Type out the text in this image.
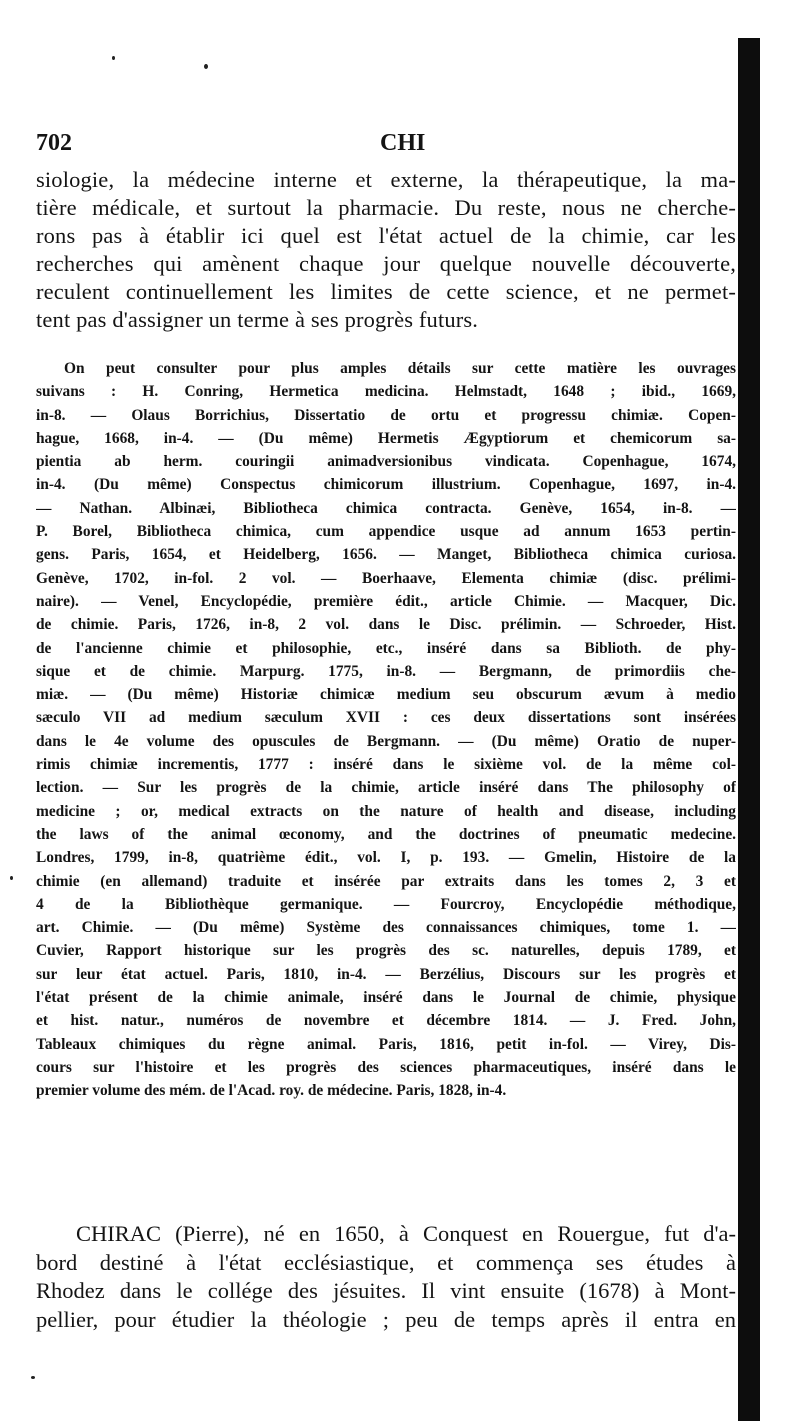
702	CHI
siologie, la médecine interne et externe, la thérapeutique, la ma-
tière médicale, et surtout la pharmacie. Du reste, nous ne cherche-
rons pas à établir ici quel est l'état actuel de la chimie, car les
recherches qui amènent chaque jour quelque nouvelle découverte,
reculent continuellement les limites de cette science, et ne permet-
tent pas d'assigner un terme à ses progrès futurs.
On peut consulter pour plus amples détails sur cette matière les ouvrages
suivans : H. Conring, Hermetica medicina. Helmstadt, 1648 ; ibid., 1669,
in-8. — Olaus Borrichius, Dissertatio de ortu et progressu chimiæ. Copen-
hague, 1668, in-4. — (Du même) Hermetis Ægyptiorum et chemicorum sa-
pientia ab herm. couringii animadversionibus vindicata. Copenhague, 1674,
in-4. (Du même) Conspectus chimicorum illustrium. Copenhague, 1697, in-4.
— Nathan. Albinæi, Bibliotheca chimica contracta. Genève, 1654, in-8. —
P. Borel, Bibliotheca chimica, cum appendice usque ad annum 1653 pertin-
gens. Paris, 1654, et Heidelberg, 1656. — Manget, Bibliotheca chimica curiosa.
Genève, 1702, in-fol. 2 vol. — Boerhaave, Elementa chimiæ (disc. prélimi-
naire). — Venel, Encyclopédie, première édit., article Chimie. — Macquer, Dic.
de chimie. Paris, 1726, in-8, 2 vol. dans le Disc. prélimin. — Schroeder, Hist.
de l'ancienne chimie et philosophie, etc., inséré dans sa Biblioth. de phy-
sique et de chimie. Marpurg. 1775, in-8. — Bergmann, de primordiis che-
miæ. — (Du même) Historiæ chimicæ medium seu obscurum ævum à medio
sæculo VII ad medium sæculum XVII : ces deux dissertations sont insérées
dans le 4e volume des opuscules de Bergmann. — (Du même) Oratio de nuper-
rimis chimiæ incrementis, 1777 : inséré dans le sixième vol. de la même col-
lection. — Sur les progrès de la chimie, article inséré dans The philosophy of
medicine ; or, medical extracts on the nature of health and disease, including
the laws of the animal œconomy, and the doctrines of pneumatic medecine.
Londres, 1799, in-8, quatrième édit., vol. I, p. 193. — Gmelin, Histoire de la
chimie (en allemand) traduite et insérée par extraits dans les tomes 2, 3 et
4 de la Bibliothèque germanique. — Fourcroy, Encyclopédie méthodique,
art. Chimie. — (Du même) Système des connaissances chimiques, tome 1. —
Cuvier, Rapport historique sur les progrès des sc. naturelles, depuis 1789, et
sur leur état actuel. Paris, 1810, in-4. — Berzélius, Discours sur les progrès et
l'état présent de la chimie animale, inséré dans le Journal de chimie, physique
et hist. natur., numéros de novembre et décembre 1814. — J. Fred. John,
Tableaux chimiques du règne animal. Paris, 1816, petit in-fol. — Virey, Dis-
cours sur l'histoire et les progrès des sciences pharmaceutiques, inséré dans le
premier volume des mém. de l'Acad. roy. de médecine. Paris, 1828, in-4.
CHIRAC (Pierre), né en 1650, à Conquest en Rouergue, fut d'a-
bord destiné à l'état ecclésiastique, et commença ses études à
Rhodez dans le collége des jésuites. Il vint ensuite (1678) à Mont-
pellier, pour étudier la théologie ; peu de temps après il entra en
